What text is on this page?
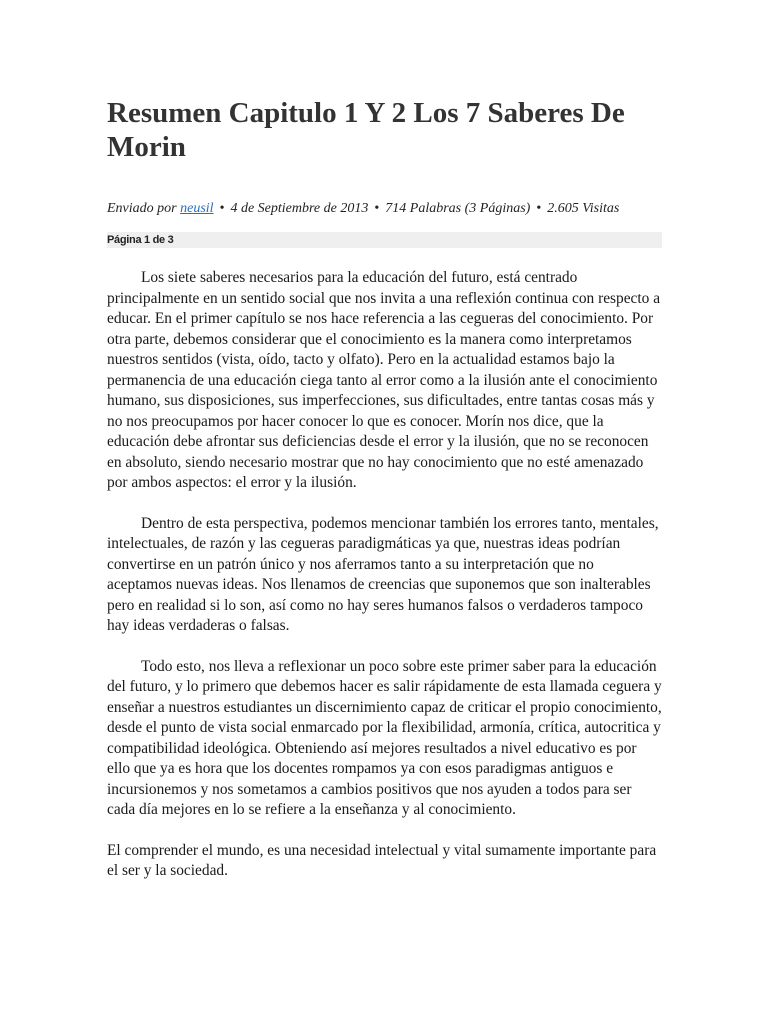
Resumen Capitulo 1 Y 2 Los 7 Saberes De Morin
Enviado por neusil • 4 de Septiembre de 2013 • 714 Palabras (3 Páginas) • 2.605 Visitas
Página 1 de 3

Los siete saberes necesarios para la educación del futuro, está centrado principalmente en un sentido social que nos invita a una reflexión continua con respecto a educar. En el primer capítulo se nos hace referencia a las cegueras del conocimiento. Por otra parte, debemos considerar que el conocimiento es la manera como interpretamos nuestros sentidos (vista, oído, tacto y olfato). Pero en la actualidad estamos bajo la permanencia de una educación ciega tanto al error como a la ilusión ante el conocimiento humano, sus disposiciones, sus imperfecciones, sus dificultades, entre tantas cosas más y no nos preocupamos por hacer conocer lo que es conocer. Morín nos dice, que la educación debe afrontar sus deficiencias desde el error y la ilusión, que no se reconocen en absoluto, siendo necesario mostrar que no hay conocimiento que no esté amenazado por ambos aspectos: el error y la ilusión.

Dentro de esta perspectiva, podemos mencionar también los errores tanto, mentales, intelectuales, de razón y las cegueras paradigmáticas ya que, nuestras ideas podrían convertirse en un patrón único y nos aferramos tanto a su interpretación que no aceptamos nuevas ideas. Nos llenamos de creencias que suponemos que son inalterables pero en realidad si lo son, así como no hay seres humanos falsos o verdaderos tampoco hay ideas verdaderas o falsas.

Todo esto, nos lleva a reflexionar un poco sobre este primer saber para la educación del futuro, y lo primero que debemos hacer es salir rápidamente de esta llamada ceguera y enseñar a nuestros estudiantes un discernimiento capaz de criticar el propio conocimiento, desde el punto de vista social enmarcado por la flexibilidad, armonía, crítica, autocritica y compatibilidad ideológica. Obteniendo así mejores resultados a nivel educativo es por ello que ya es hora que los docentes rompamos ya con esos paradigmas antiguos e incursionemos y nos sometamos a cambios positivos que nos ayuden a todos para ser cada día mejores en lo se refiere a la enseñanza y al conocimiento.

El comprender el mundo, es una necesidad intelectual y vital sumamente importante para el ser y la sociedad.
